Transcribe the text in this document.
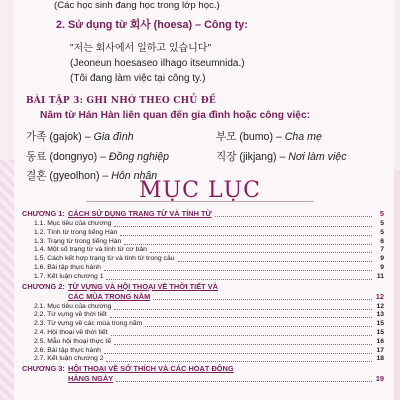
(Các học sinh đang học trong lớp học.)
2. Sử dụng từ 회사 (hoesa) – Công ty:
"저는 회사에서 일하고 있습니다"
(Jeoneun hoesaseo ilhago itseumnida.)
(Tôi đang làm việc tại công ty.)
BÀI TẬP 3: GHI NHỚ THEO CHỦ ĐỀ
Năm từ Hán Hàn liên quan đến gia đình hoặc công việc:
가족 (gajok) – Gia đình	부모 (bumo) – Cha mẹ
동료 (dongnyo) – Đồng nghiệp	직장 (jikjang) – Nơi làm việc
결혼 (gyeolhon) – Hôn nhân
MỤC LỤC
CHƯƠNG 1: CÁCH SỬ DỤNG TRẠNG TỪ VÀ TÍNH TỪ	5
1.1. Mục tiêu của chương	5
1.2. Tính từ trong tiếng Hàn	5
1.3. Trạng từ trong tiếng Hàn	6
1.4. Một số trạng từ và tính từ cơ bản	7
1.5. Cách kết hợp trạng từ và tính từ trong câu	9
1.6. Bài tập thực hành	9
1.7. Kết luận chương 1	11
CHƯƠNG 2: TỪ VỰNG VÀ HỘI THOẠI VỀ THỜI TIẾT VÀ
CÁC MÙA TRONG NĂM	12
2.1. Mục tiêu của chương	12
2.2. Từ vựng về thời tiết	13
2.3. Từ vựng về các mùa trong năm	15
2.4. Hội thoại về thời tiết	15
2.5. Mẫu hội thoại thực tế	16
2.6. Bài tập thực hành	17
2.7. Kết luận chương 2	18
CHƯƠNG 3: HỘI THOẠI VỀ SỞ THÍCH VÀ CÁC HOẠT ĐỘNG
HÀNG NGÀY	19
